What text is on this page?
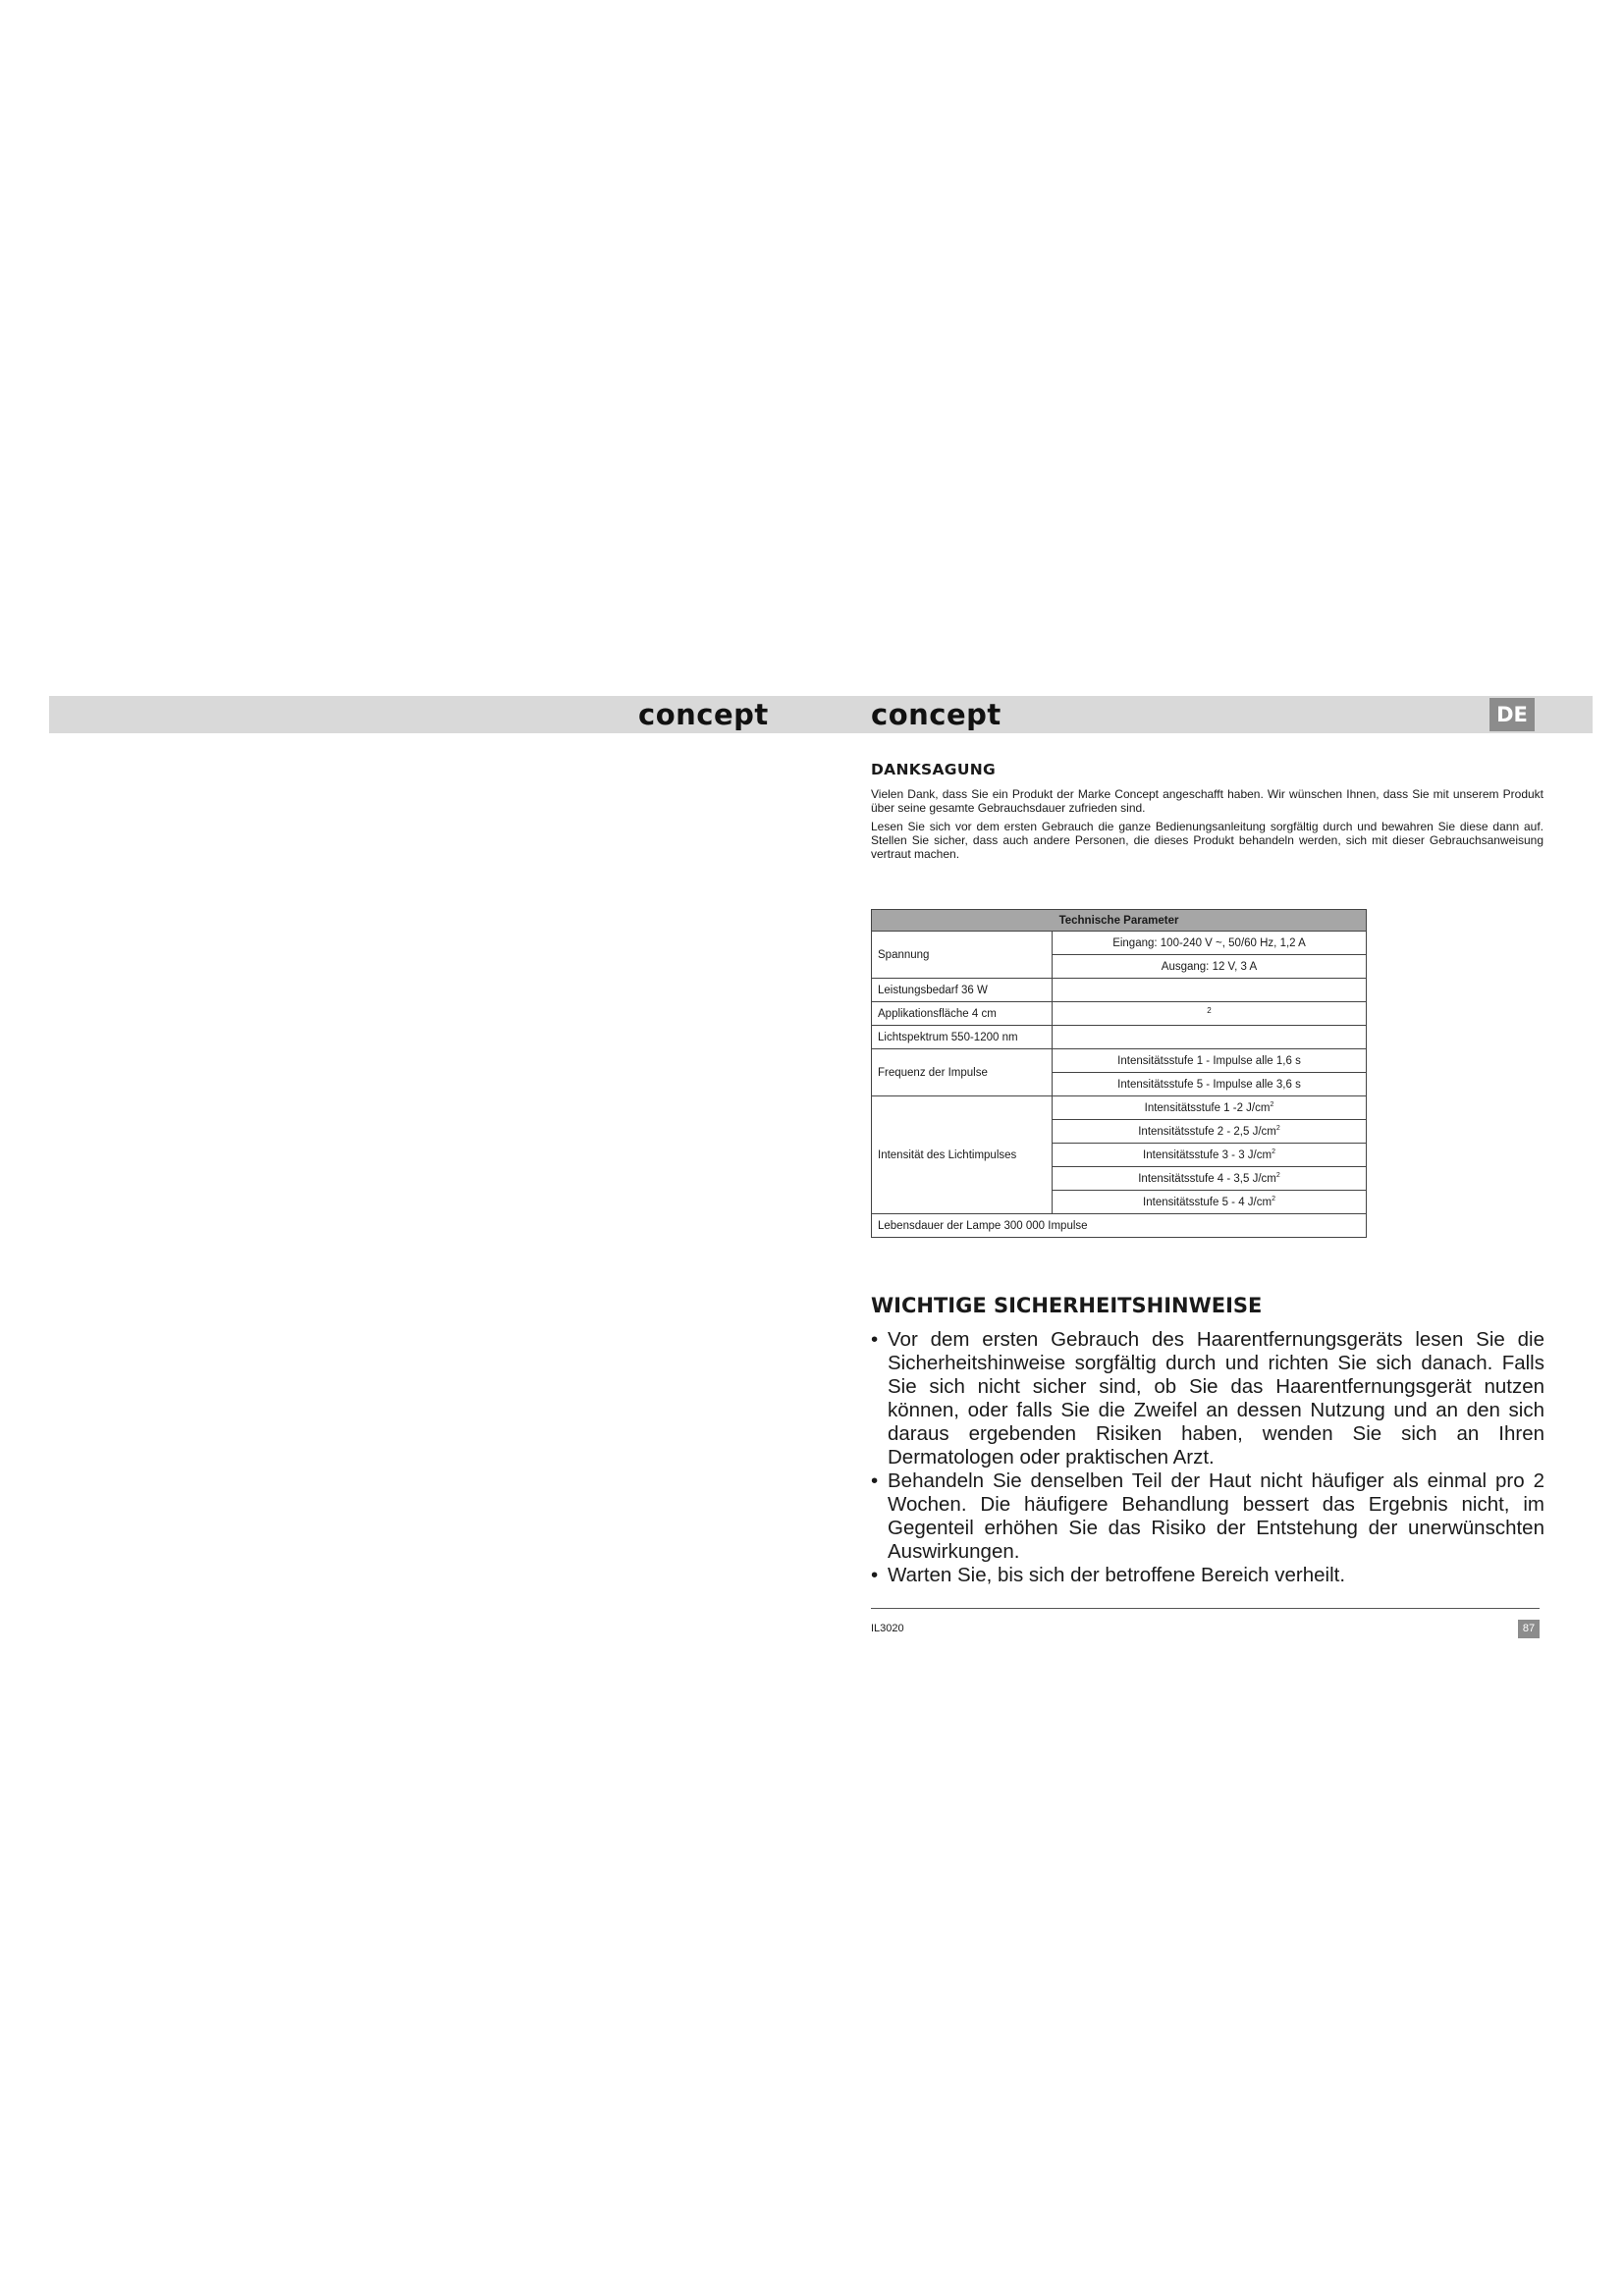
concept	concept	DE

DANKSAGUNG

Vielen Dank, dass Sie ein Produkt der Marke Concept angeschafft haben. Wir wünschen Ihnen, dass Sie mit unserem Produkt über seine gesamte Gebrauchsdauer zufrieden sind.

Lesen Sie sich vor dem ersten Gebrauch die ganze Bedienungsanleitung sorgfältig durch und bewahren Sie diese dann auf. Stellen Sie sicher, dass auch andere Personen, die dieses Produkt behandeln werden, sich mit dieser Gebrauchsanweisung vertraut machen.

Technische Parameter	
Spannung	Eingang: 100-240 V ~, 50/60 Hz, 1,2 A
	Ausgang: 12 V, 3 A
Leistungsbedarf 36 W	
Applikationsfläche 4 cm	$^2$
Lichtspektrum 550-1200 nm	
Frequenz der Impulse	Intensitätsstufe 1 - Impulse alle 1,6 s
	Intensitätsstufe 5 - Impulse alle 3,6 s
Intensität des Lichtimpulses	Intensitätsstufe 1 -2 $J/cm^2$
	Intensitätsstufe 2 - 2,5 $J/cm^2$
	Intensitätsstufe 3 - 3 $J/cm^2$
	Intensitätsstufe 4 - 3,5 $J/cm^2$
	Intensitätsstufe 5 - 4 $J/cm^2$
Lebensdauer der Lampe 300 000 Impulse	
WICHTIGE SICHERHEITSHINWEISE
• Vor dem ersten Gebrauch des Haarentfernungsgeräts lesen Sie die Sicherheitshinweise sorgfältig durch und richten Sie sich danach. Falls Sie sich nicht sicher sind, ob Sie das Haarentfernungsgerät nutzen können, oder falls Sie die Zweifel an dessen Nutzung und an den sich daraus ergebenden Risiken haben, wenden Sie sich an Ihren Dermatologen oder praktischen Arzt.
• Behandeln Sie denselben Teil der Haut nicht häufiger als einmal pro 2 Wochen. Die häufigere Behandlung bessert das Ergebnis nicht, im Gegenteil erhöhen Sie das Risiko der Entstehung der unerwünschten Auswirkungen.
• Warten Sie, bis sich der betroffene Bereich verheilt.
IL3020	87
